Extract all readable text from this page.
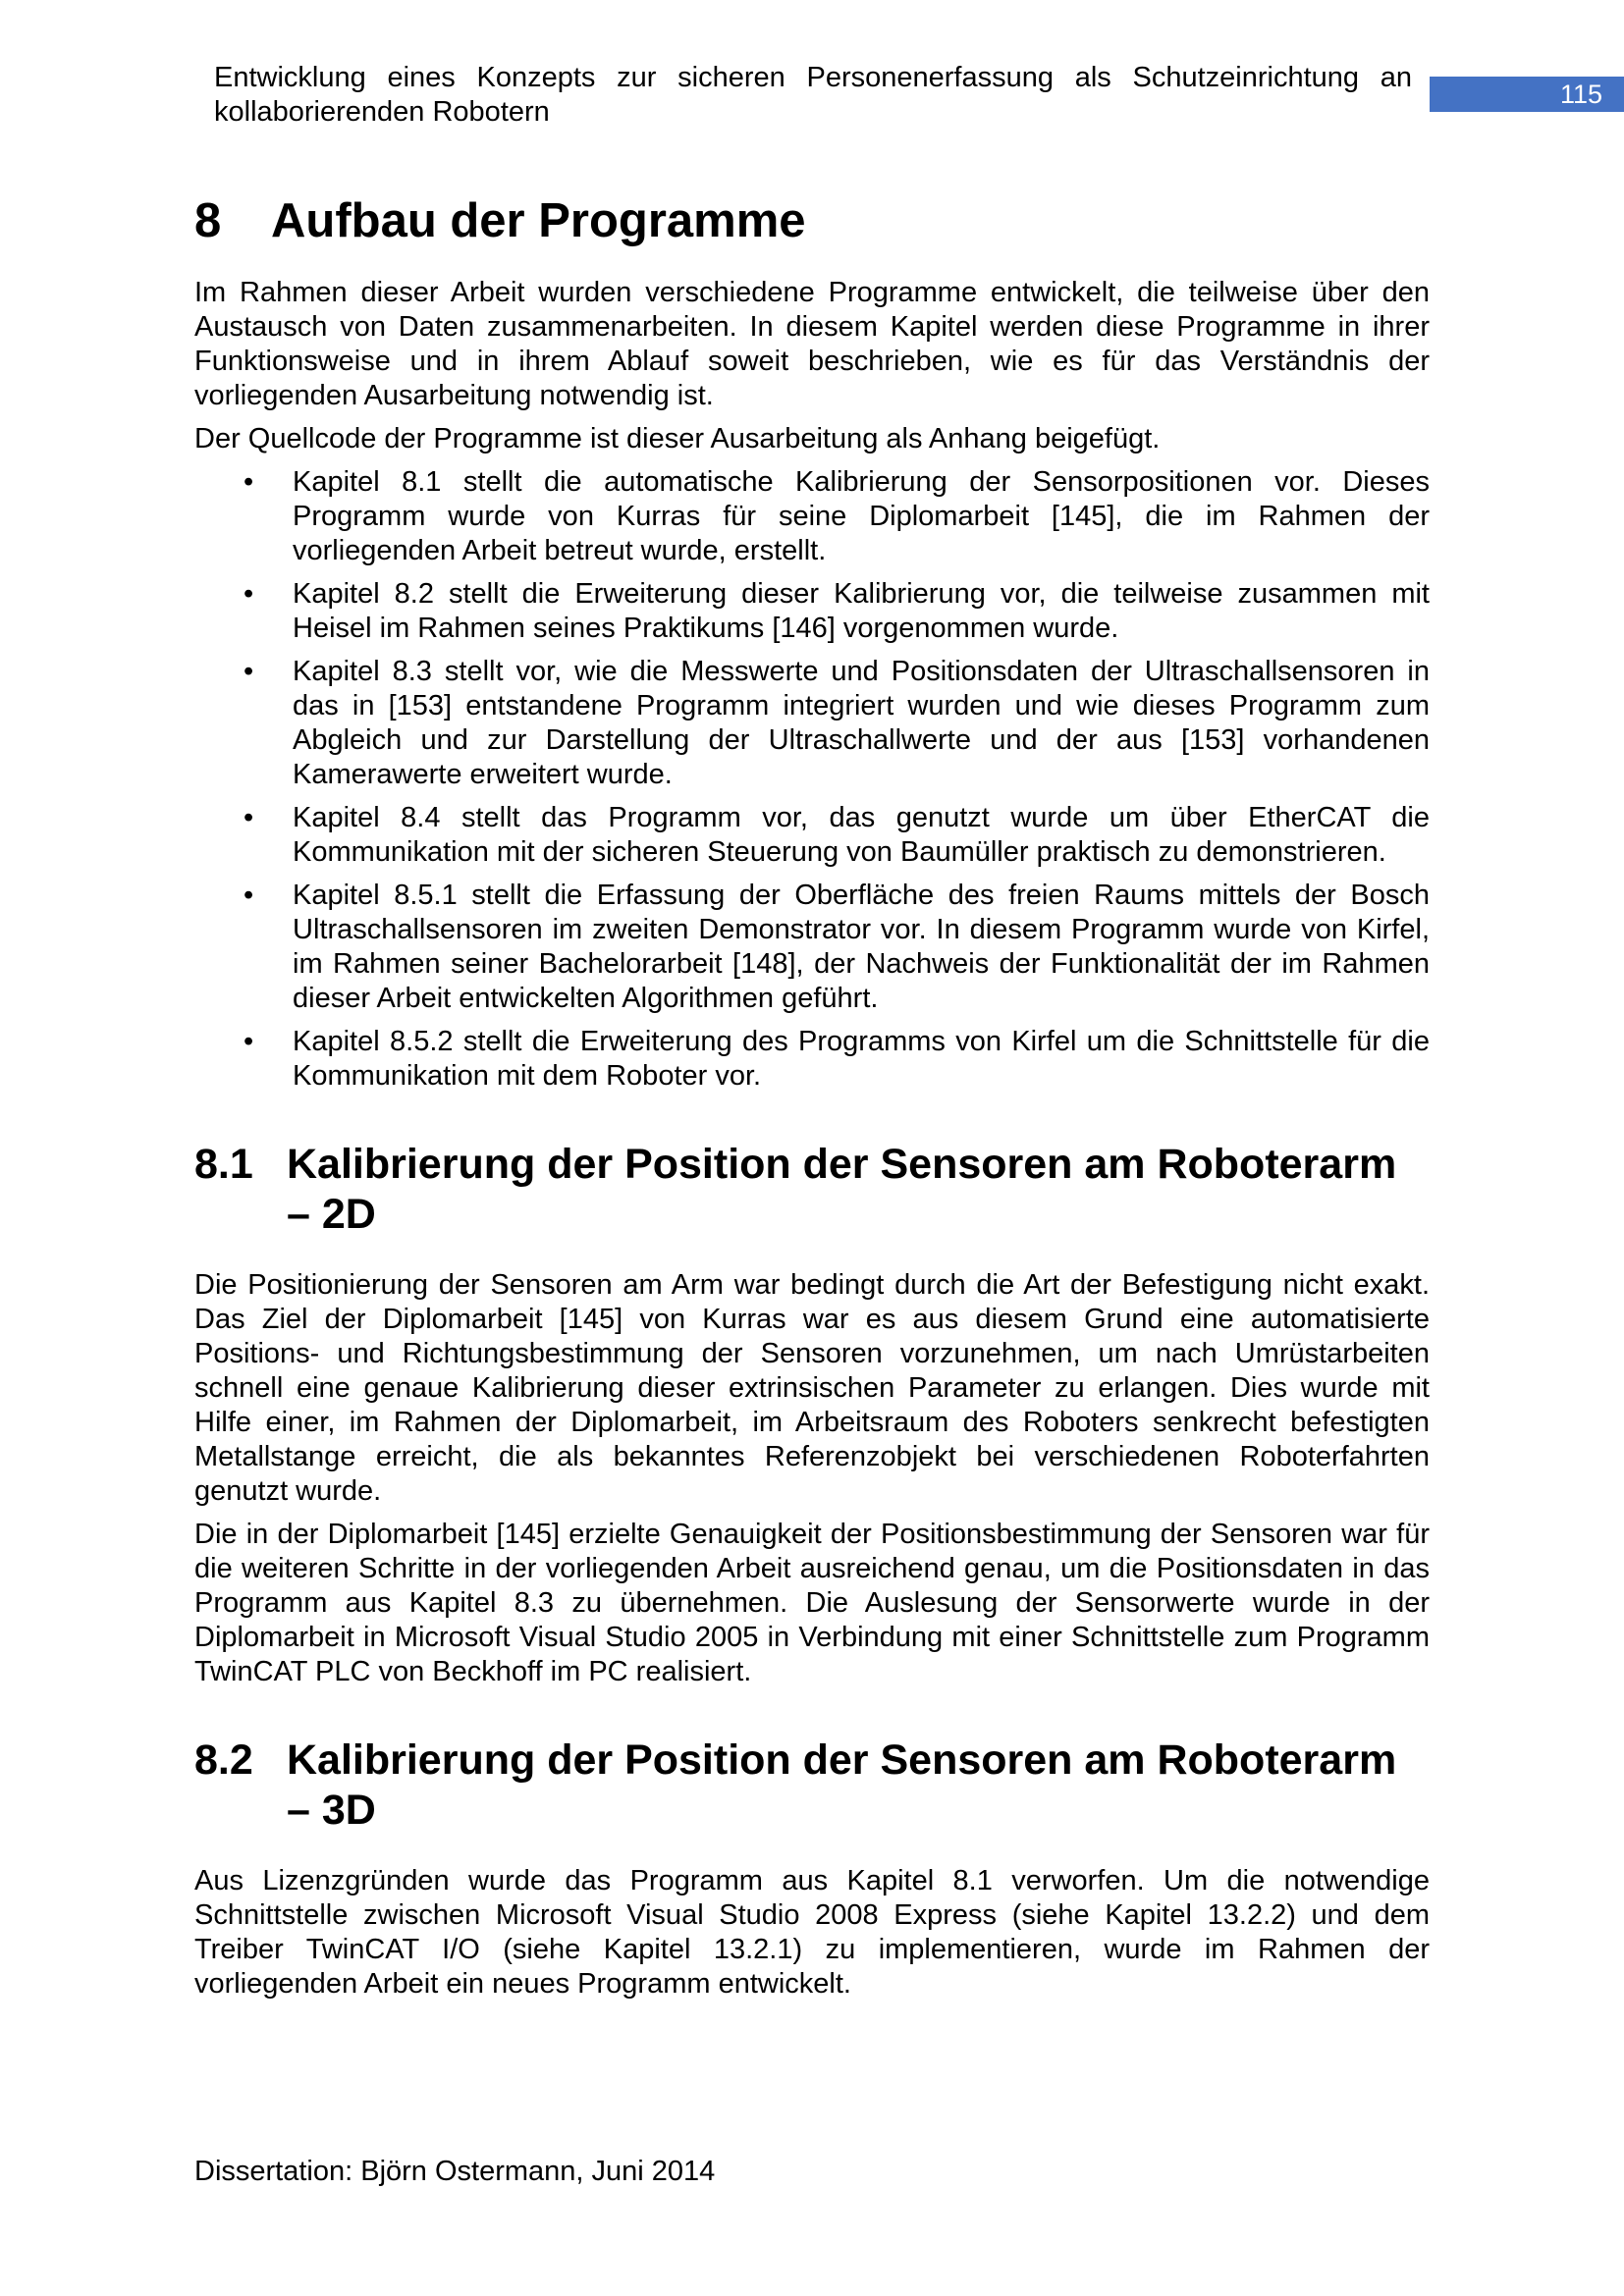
Entwicklung eines Konzepts zur sicheren Personenerfassung als Schutzeinrichtung an kollaborierenden Robotern
115
8	Aufbau der Programme
Im Rahmen dieser Arbeit wurden verschiedene Programme entwickelt, die teilweise über den Austausch von Daten zusammenarbeiten. In diesem Kapitel werden diese Programme in ihrer Funktionsweise und in ihrem Ablauf soweit beschrieben, wie es für das Verständnis der vorliegenden Ausarbeitung notwendig ist.
Der Quellcode der Programme ist dieser Ausarbeitung als Anhang beigefügt.
•	Kapitel 8.1 stellt die automatische Kalibrierung der Sensorpositionen vor. Dieses Programm wurde von Kurras für seine Diplomarbeit [145], die im Rahmen der vorliegenden Arbeit betreut wurde, erstellt.
•	Kapitel 8.2 stellt die Erweiterung dieser Kalibrierung vor, die teilweise zusammen mit Heisel im Rahmen seines Praktikums [146] vorgenommen wurde.
•	Kapitel 8.3 stellt vor, wie die Messwerte und Positionsdaten der Ultraschallsensoren in das in [153] entstandene Programm integriert wurden und wie dieses Programm zum Abgleich und zur Darstellung der Ultraschallwerte und der aus [153] vorhandenen Kamerawerte erweitert wurde.
•	Kapitel 8.4 stellt das Programm vor, das genutzt wurde um über EtherCAT die Kommunikation mit der sicheren Steuerung von Baumüller praktisch zu demonstrieren.
•	Kapitel 8.5.1 stellt die Erfassung der Oberfläche des freien Raums mittels der Bosch Ultraschallsensoren im zweiten Demonstrator vor. In diesem Programm wurde von Kirfel, im Rahmen seiner Bachelorarbeit [148], der Nachweis der Funktionalität der im Rahmen dieser Arbeit entwickelten Algorithmen geführt.
•	Kapitel 8.5.2 stellt die Erweiterung des Programms von Kirfel um die Schnittstelle für die Kommunikation mit dem Roboter vor.
8.1 Kalibrierung der Position der Sensoren am Roboterarm – 2D
Die Positionierung der Sensoren am Arm war bedingt durch die Art der Befestigung nicht exakt. Das Ziel der Diplomarbeit [145] von Kurras war es aus diesem Grund eine automatisierte Positions- und Richtungsbestimmung der Sensoren vorzunehmen, um nach Umrüstarbeiten schnell eine genaue Kalibrierung dieser extrinsischen Parameter zu erlangen. Dies wurde mit Hilfe einer, im Rahmen der Diplomarbeit, im Arbeitsraum des Roboters senkrecht befestigten Metallstange erreicht, die als bekanntes Referenzobjekt bei verschiedenen Roboterfahrten genutzt wurde.
Die in der Diplomarbeit [145] erzielte Genauigkeit der Positionsbestimmung der Sensoren war für die weiteren Schritte in der vorliegenden Arbeit ausreichend genau, um die Positionsdaten in das Programm aus Kapitel 8.3 zu übernehmen. Die Auslesung der Sensorwerte wurde in der Diplomarbeit in Microsoft Visual Studio 2005 in Verbindung mit einer Schnittstelle zum Programm TwinCAT PLC von Beckhoff im PC realisiert.
8.2 Kalibrierung der Position der Sensoren am Roboterarm – 3D
Aus Lizenzgründen wurde das Programm aus Kapitel 8.1 verworfen. Um die notwendige Schnittstelle zwischen Microsoft Visual Studio 2008 Express (siehe Kapitel 13.2.2) und dem Treiber TwinCAT I/O (siehe Kapitel 13.2.1) zu implementieren, wurde im Rahmen der vorliegenden Arbeit ein neues Programm entwickelt.
Dissertation: Björn Ostermann, Juni 2014
